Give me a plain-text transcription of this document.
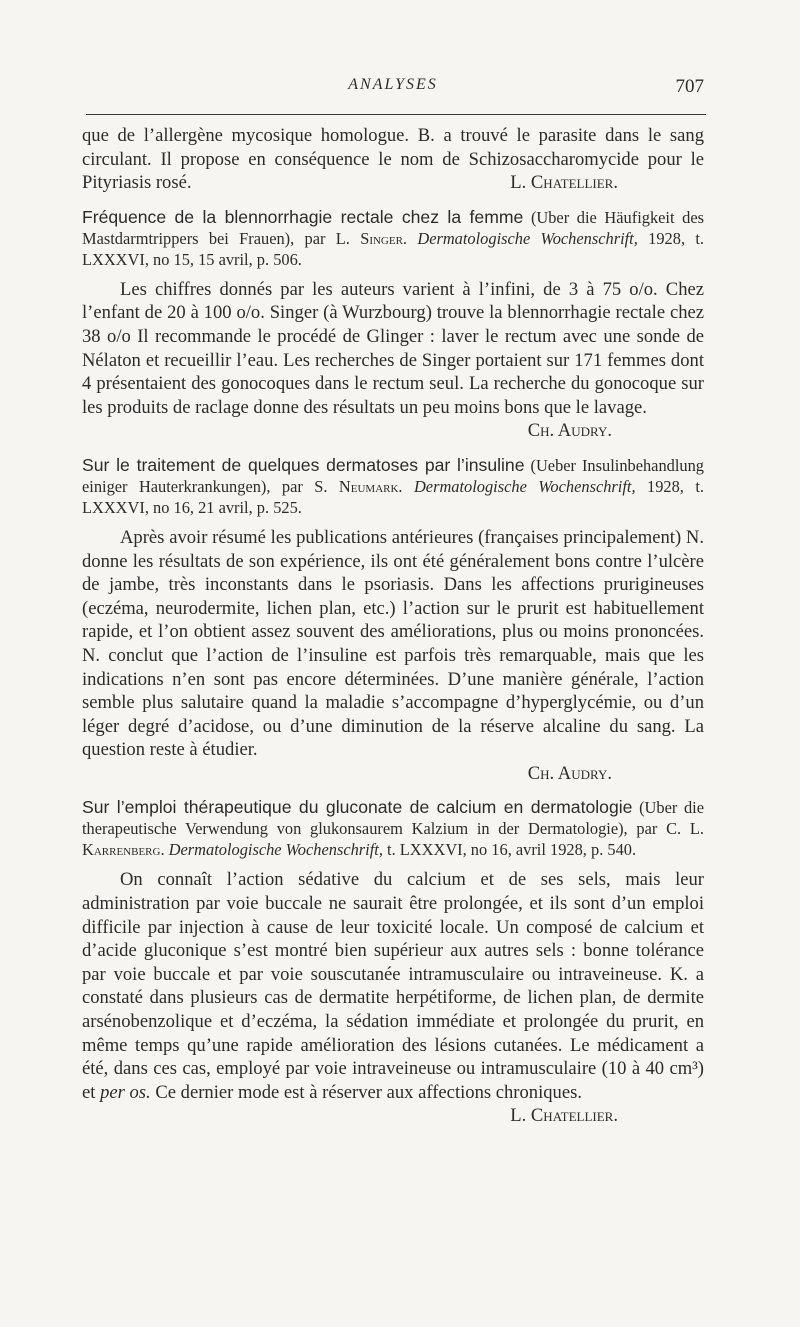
ANALYSES	707

que de l’allergène mycosique homologue. B. a trouvé le parasite dans le sang circulant. Il propose en conséquence le nom de Schizosaccharomycide pour le Pityriasis rosé.	L. Chatellier.

Fréquence de la blennorrhagie rectale chez la femme (Uber die Häufigkeit des Mastdarmtrippers bei Frauen), par L. Singer. Dermatologische Wochenschrift, 1928, t. LXXXVI, no 15, 15 avril, p. 506.

Les chiffres donnés par les auteurs varient à l’infini, de 3 à 75 o/o. Chez l’enfant de 20 à 100 o/o. Singer (à Wurzbourg) trouve la blennorrhagie rectale chez 38 o/o Il recommande le procédé de Glinger : laver le rectum avec une sonde de Nélaton et recueillir l’eau. Les recherches de Singer portaient sur 171 femmes dont 4 présentaient des gonocoques dans le rectum seul. La recherche du gonocoque sur les produits de raclage donne des résultats un peu moins bons que le lavage.

Ch. Audry.

Sur le traitement de quelques dermatoses par l’insuline (Ueber Insulinbehandlung einiger Hauterkrankungen), par S. Neumark. Dermatologische Wochenschrift, 1928, t. LXXXVI, no 16, 21 avril, p. 525.

Après avoir résumé les publications antérieures (françaises principalement) N. donne les résultats de son expérience, ils ont été généralement bons contre l’ulcère de jambe, très inconstants dans le psoriasis. Dans les affections prurigineuses (eczéma, neurodermite, lichen plan, etc.) l’action sur le prurit est habituellement rapide, et l’on obtient assez souvent des améliorations, plus ou moins prononcées. N. conclut que l’action de l’insuline est parfois très remarquable, mais que les indications n’en sont pas encore déterminées. D’une manière générale, l’action semble plus salutaire quand la maladie s’accompagne d’hyperglycémie, ou d’un léger degré d’acidose, ou d’une diminution de la réserve alcaline du sang. La question reste à étudier.

Ch. Audry.

Sur l’emploi thérapeutique du gluconate de calcium en dermatologie (Uber die therapeutische Verwendung von glukonsaurem Kalzium in der Dermatologie), par C. L. Karrenberg. Dermatologische Wochenschrift, t. LXXXVI, no 16, avril 1928, p. 540.

On connaît l’action sédative du calcium et de ses sels, mais leur administration par voie buccale ne saurait être prolongée, et ils sont d’un emploi difficile par injection à cause de leur toxicité locale. Un composé de calcium et d’acide gluconique s’est montré bien supérieur aux autres sels : bonne tolérance par voie buccale et par voie souscutanée intramusculaire ou intraveineuse. K. a constaté dans plusieurs cas de dermatite herpétiforme, de lichen plan, de dermite arsénobenzolique et d’eczéma, la sédation immédiate et prolongée du prurit, en même temps qu’une rapide amélioration des lésions cutanées. Le médicament a été, dans ces cas, employé par voie intraveineuse ou intramusculaire (10 à 40 cm³) et per os. Ce dernier mode est à réserver aux affections chroniques.
L. Chatellier.
